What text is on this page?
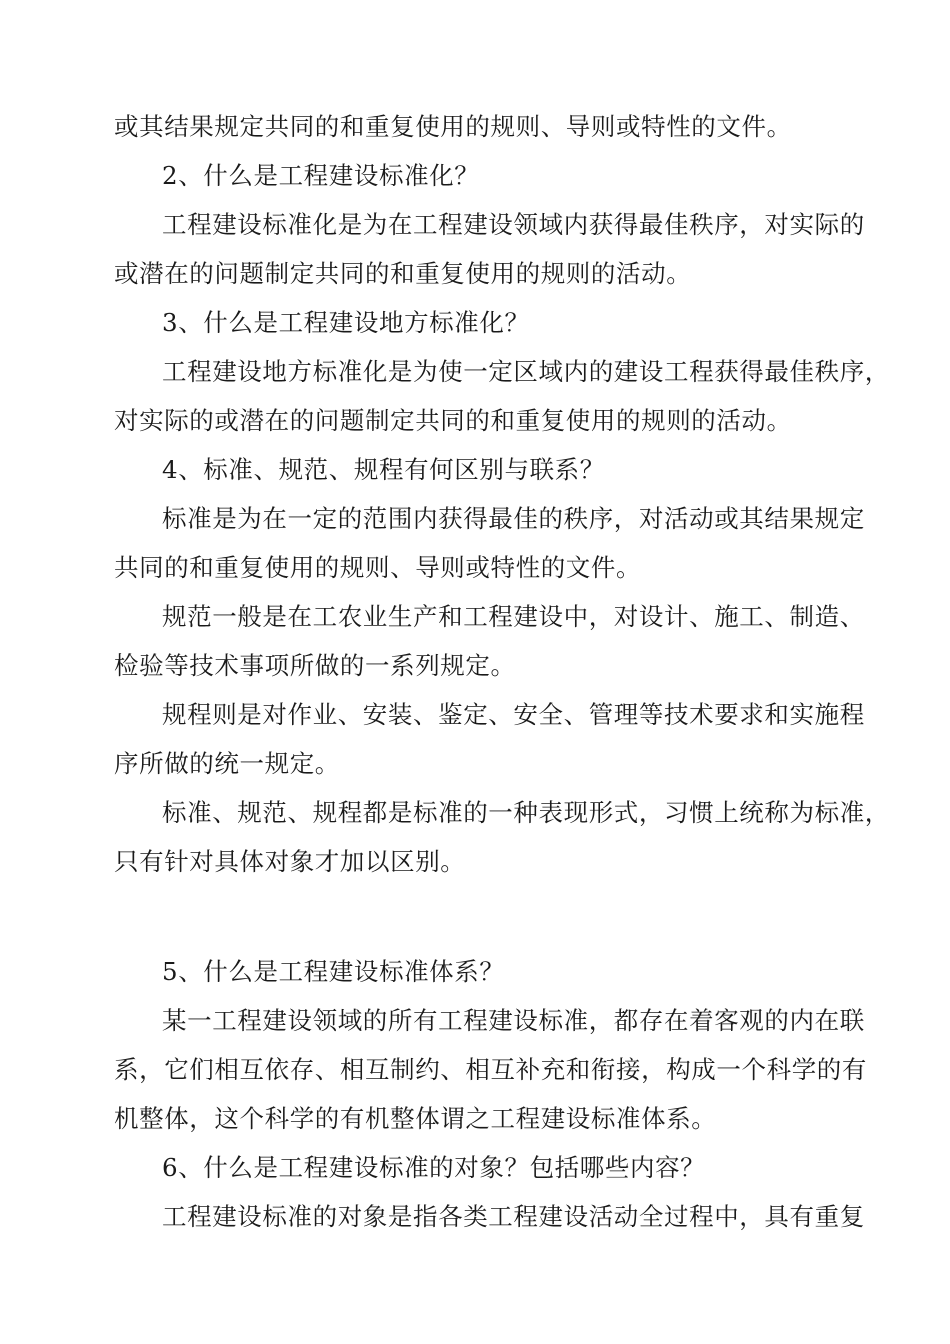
或其结果规定共同的和重复使用的规则、导则或特性的文件。
2、什么是工程建设标准化？
工程建设标准化是为在工程建设领域内获得最佳秩序，对实际的
或潜在的问题制定共同的和重复使用的规则的活动。
3、什么是工程建设地方标准化？
工程建设地方标准化是为使一定区域内的建设工程获得最佳秩序，
对实际的或潜在的问题制定共同的和重复使用的规则的活动。
4、标准、规范、规程有何区别与联系？
标准是为在一定的范围内获得最佳的秩序，对活动或其结果规定
共同的和重复使用的规则、导则或特性的文件。
规范一般是在工农业生产和工程建设中，对设计、施工、制造、
检验等技术事项所做的一系列规定。
规程则是对作业、安装、鉴定、安全、管理等技术要求和实施程
序所做的统一规定。
标准、规范、规程都是标准的一种表现形式，习惯上统称为标准，
只有针对具体对象才加以区别。
5、什么是工程建设标准体系？
某一工程建设领域的所有工程建设标准，都存在着客观的内在联
系，它们相互依存、相互制约、相互补充和衔接，构成一个科学的有
机整体，这个科学的有机整体谓之工程建设标准体系。
6、什么是工程建设标准的对象？包括哪些内容？
工程建设标准的对象是指各类工程建设活动全过程中，具有重复
